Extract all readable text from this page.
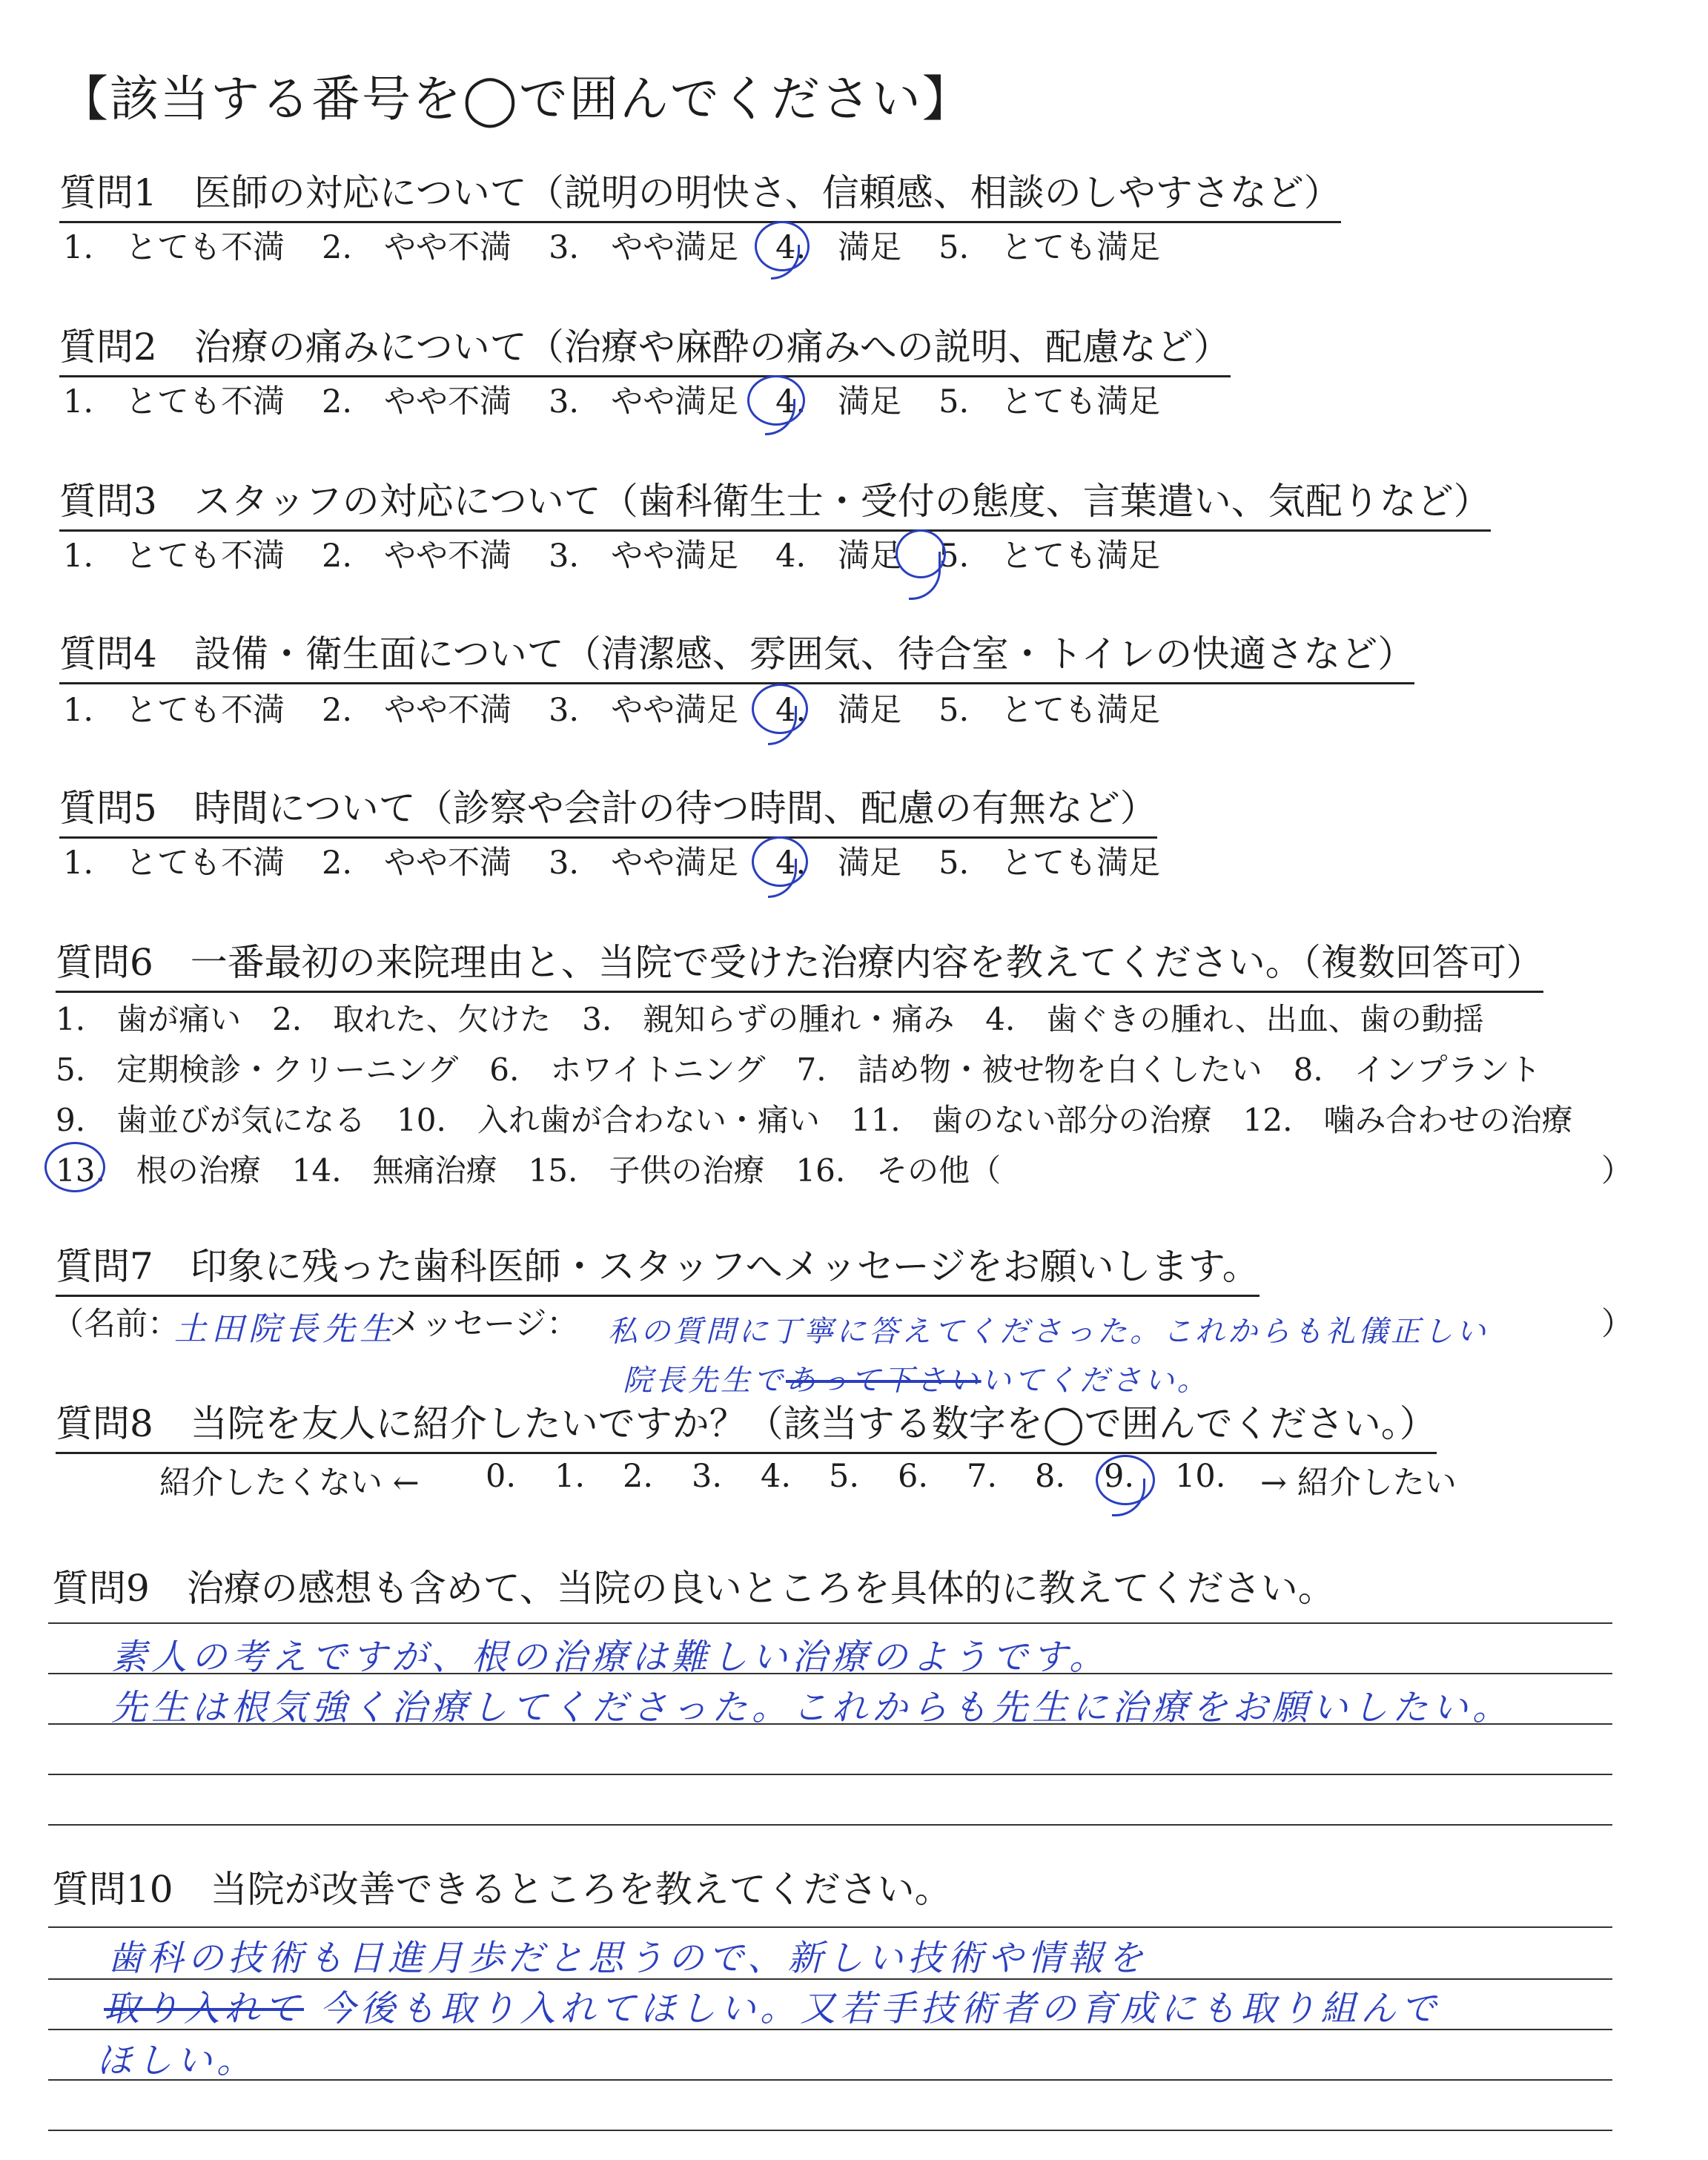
【該当する番号を◯で囲んでください】
質問1　医師の対応について（説明の明快さ、信頼感、相談のしやすさなど）
1.　とても不満 2.　やや不満 3.　やや満足 4.　満足 5.　とても満足
質問2　治療の痛みについて（治療や麻酔の痛みへの説明、配慮など）
1.　とても不満 2.　やや不満 3.　やや満足 4.　満足 5.　とても満足
質問3　スタッフの対応について（歯科衛生士・受付の態度、言葉遣い、気配りなど）
1.　とても不満 2.　やや不満 3.　やや満足 4.　満足 5.　とても満足
質問4　設備・衛生面について（清潔感、雰囲気、待合室・トイレの快適さなど）
1.　とても不満 2.　やや不満 3.　やや満足 4.　満足 5.　とても満足
質問5　時間について（診察や会計の待つ時間、配慮の有無など）
1.　とても不満 2.　やや不満 3.　やや満足 4.　満足 5.　とても満足
質問6　一番最初の来院理由と、当院で受けた治療内容を教えてください。（複数回答可）
1.　歯が痛い　2.　取れた、欠けた　3.　親知らずの腫れ・痛み　4.　歯ぐきの腫れ、出血、歯の動揺
5.　定期検診・クリーニング　6.　ホワイトニング　7.　詰め物・被せ物を白くしたい　8.　インプラント
9.　歯並びが気になる　10.　入れ歯が合わない・痛い　11.　歯のない部分の治療　12.　噛み合わせの治療
13.　根の治療　14.　無痛治療　15.　子供の治療　16.　その他（	）
質問7　印象に残った歯科医師・スタッフへメッセージをお願いします。
（名前：
土田院長先生
メッセージ： 私の質問に丁寧に答えてくださった。これからも礼儀正しい	）
院長先生であって下さいいてください。
質問8　当院を友人に紹介したいですか？（該当する数字を◯で囲んでください。）
紹介したくない ← 0. 1. 2. 3. 4. 5. 6. 7. 8. 9. 10. → 紹介したい
質問9　治療の感想も含めて、当院の良いところを具体的に教えてください。
素人の考えですが、根の治療は難しい治療のようです。
先生は根気強く治療してくださった。これからも先生に治療をお願いしたい。
質問10　当院が改善できるところを教えてください。
歯科の技術も日進月歩だと思うので、新しい技術や情報を
取り入れて 今後も取り入れてほしい。又若手技術者の育成にも取り組んで
ほしい。
